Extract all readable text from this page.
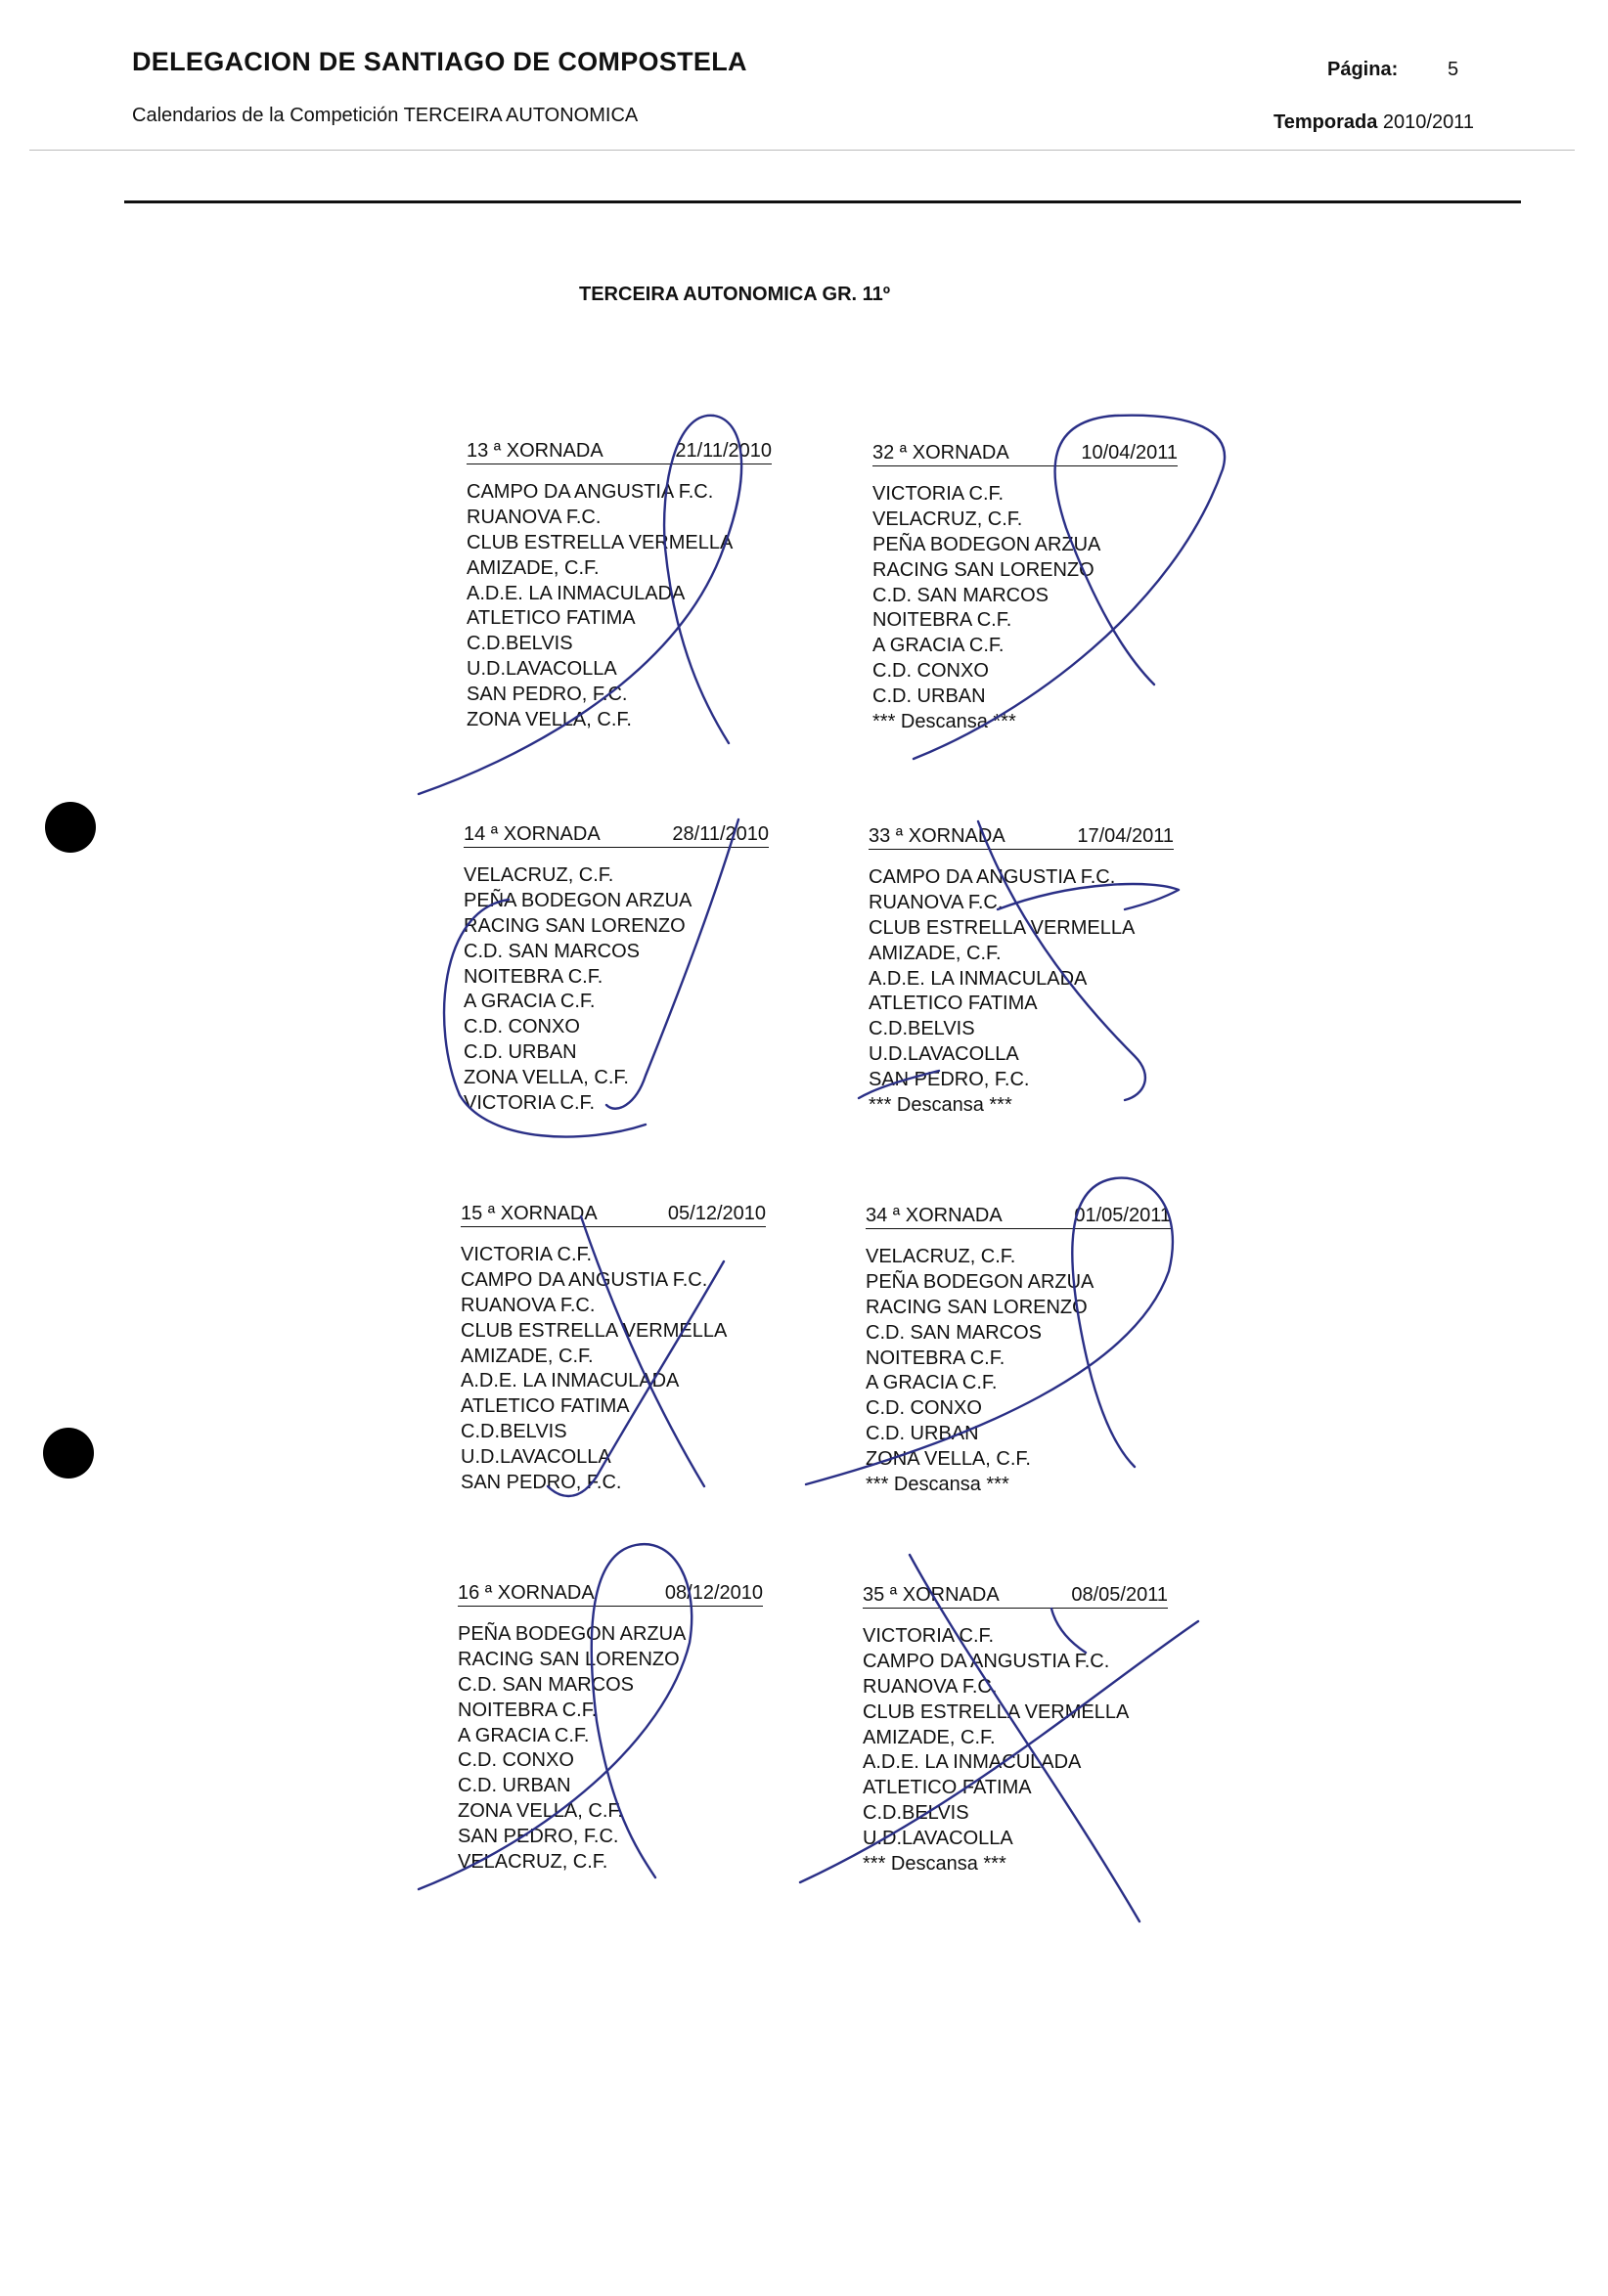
DELEGACION DE SANTIAGO DE COMPOSTELA
Calendarios de la Competición TERCEIRA AUTONOMICA
Página:	5
Temporada 2010/2011
TERCEIRA AUTONOMICA GR. 11º
13 ª XORNADA	21/11/2010
CAMPO DA ANGUSTIA F.C.
RUANOVA F.C.
CLUB ESTRELLA VERMELLA
AMIZADE, C.F.
A.D.E. LA INMACULADA
ATLETICO FATIMA
C.D.BELVIS
U.D.LAVACOLLA
SAN PEDRO, F.C.
ZONA VELLA, C.F.
32 ª XORNADA	10/04/2011
VICTORIA C.F.
VELACRUZ, C.F.
PEÑA BODEGON ARZUA
RACING SAN LORENZO
C.D. SAN MARCOS
NOITEBRA C.F.
A GRACIA C.F.
C.D. CONXO
C.D. URBAN
*** Descansa ***
14 ª XORNADA	28/11/2010
VELACRUZ, C.F.
PEÑA BODEGON ARZUA
RACING SAN LORENZO
C.D. SAN MARCOS
NOITEBRA C.F.
A GRACIA C.F.
C.D. CONXO
C.D. URBAN
ZONA VELLA, C.F.
VICTORIA C.F.
33 ª XORNADA	17/04/2011
CAMPO DA ANGUSTIA F.C.
RUANOVA F.C.
CLUB ESTRELLA VERMELLA
AMIZADE, C.F.
A.D.E. LA INMACULADA
ATLETICO FATIMA
C.D.BELVIS
U.D.LAVACOLLA
SAN PEDRO, F.C.
*** Descansa ***
15 ª XORNADA	05/12/2010
VICTORIA C.F.
CAMPO DA ANGUSTIA F.C.
RUANOVA F.C.
CLUB ESTRELLA VERMELLA
AMIZADE, C.F.
A.D.E. LA INMACULADA
ATLETICO FATIMA
C.D.BELVIS
U.D.LAVACOLLA
SAN PEDRO, F.C.
34 ª XORNADA	01/05/2011
VELACRUZ, C.F.
PEÑA BODEGON ARZUA
RACING SAN LORENZO
C.D. SAN MARCOS
NOITEBRA C.F.
A GRACIA C.F.
C.D. CONXO
C.D. URBAN
ZONA VELLA, C.F.
*** Descansa ***
16 ª XORNADA	08/12/2010
PEÑA BODEGON ARZUA
RACING SAN LORENZO
C.D. SAN MARCOS
NOITEBRA C.F.
A GRACIA C.F.
C.D. CONXO
C.D. URBAN
ZONA VELLA, C.F.
SAN PEDRO, F.C.
VELACRUZ, C.F.
35 ª XORNADA	08/05/2011
VICTORIA C.F.
CAMPO DA ANGUSTIA F.C.
RUANOVA F.C.
CLUB ESTRELLA VERMELLA
AMIZADE, C.F.
A.D.E. LA INMACULADA
ATLETICO FATIMA
C.D.BELVIS
U.D.LAVACOLLA
*** Descansa ***
